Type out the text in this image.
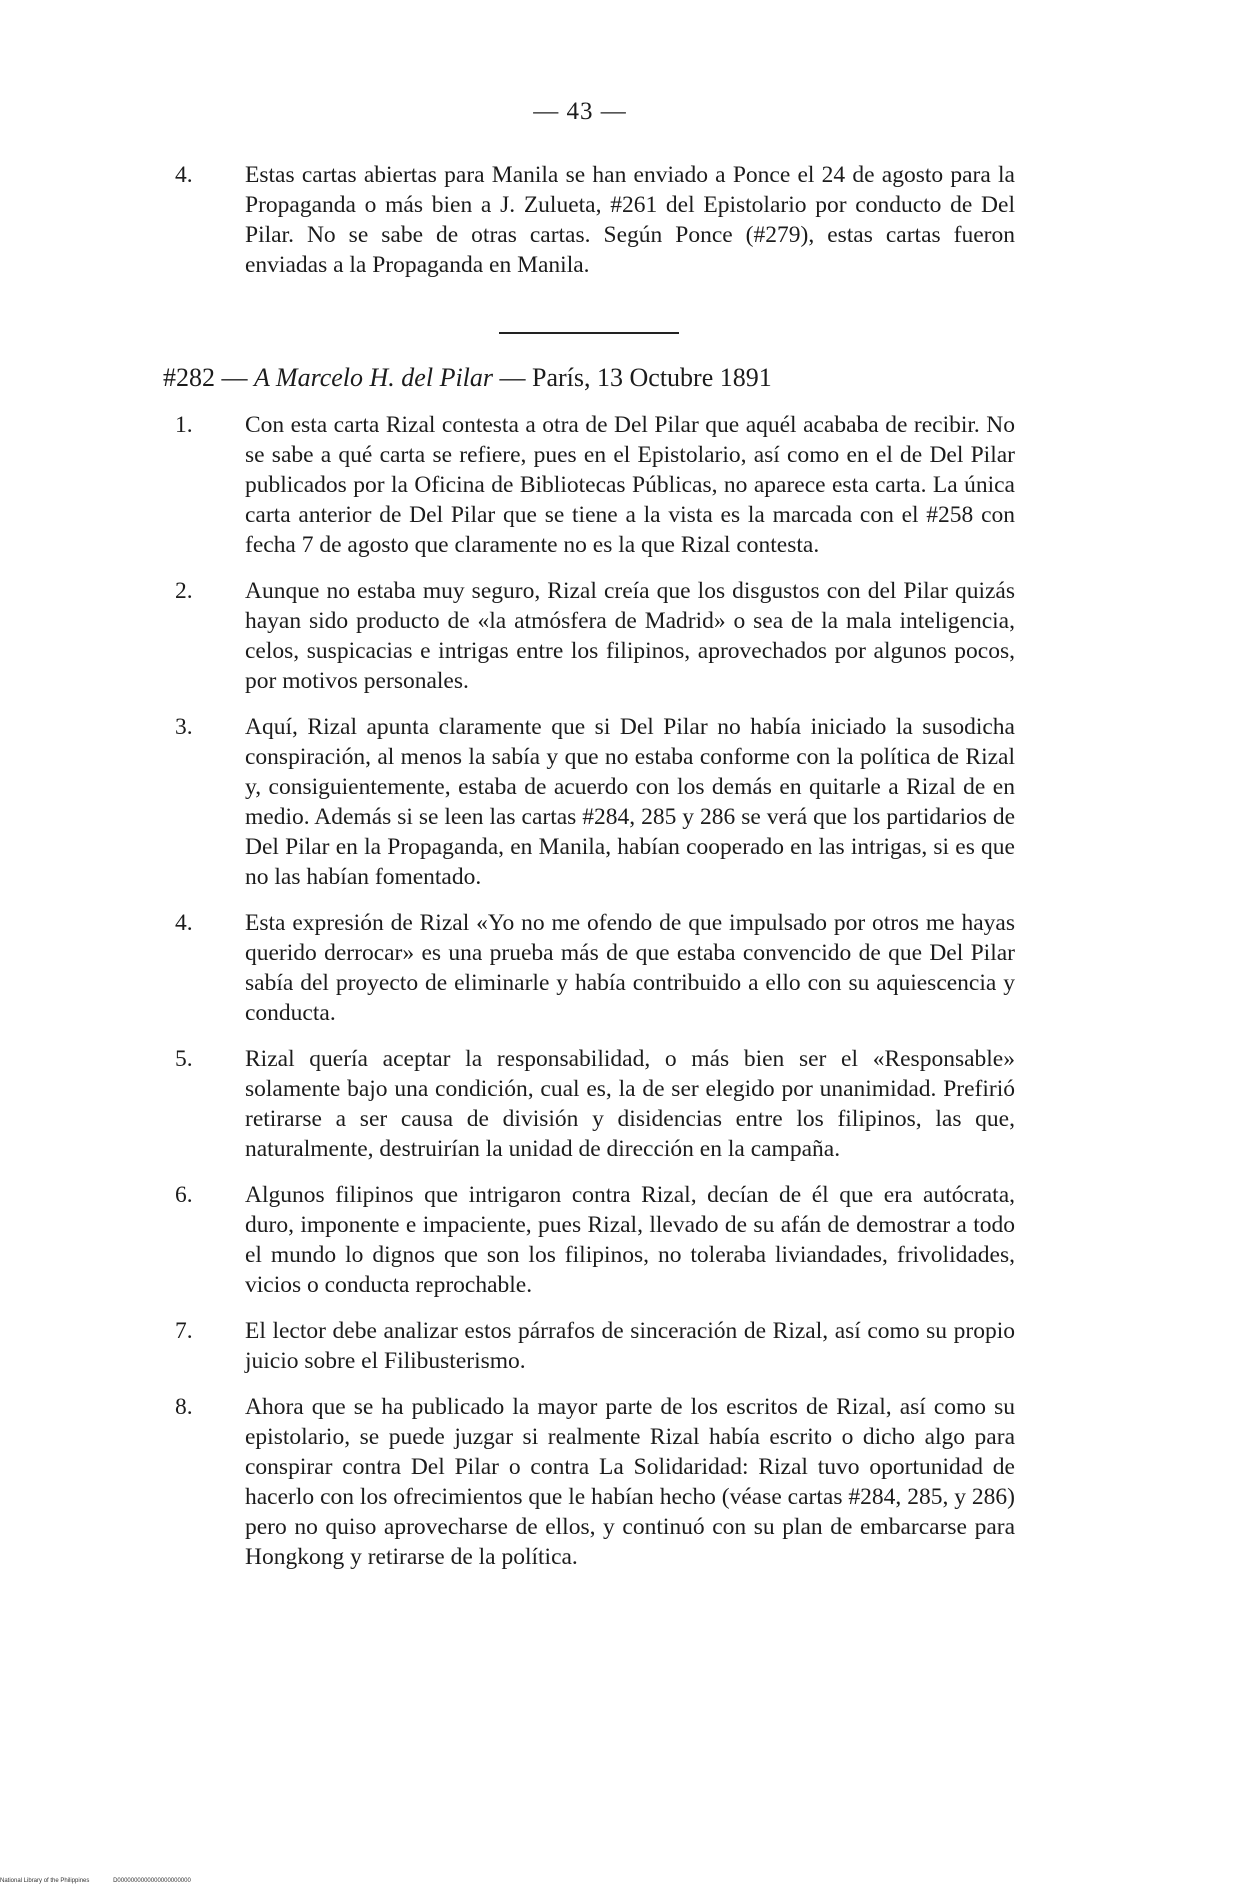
— 43 —

4. Estas cartas abiertas para Manila se han enviado a Ponce el 24 de agosto para la Propaganda o más bien a J. Zulueta, #261 del Epistolario por conducto de Del Pilar. No se sabe de otras cartas. Según Ponce (#279), estas cartas fueron enviadas a la Propaganda en Manila.

#282 — A Marcelo H. del Pilar — París, 13 Octubre 1891

1. Con esta carta Rizal contesta a otra de Del Pilar que aquél acababa de recibir. No se sabe a qué carta se refiere, pues en el Epistolario, así como en el de Del Pilar publicados por la Oficina de Bibliotecas Públicas, no aparece esta carta. La única carta anterior de Del Pilar que se tiene a la vista es la marcada con el #258 con fecha 7 de agosto que claramente no es la que Rizal contesta.

2. Aunque no estaba muy seguro, Rizal creía que los disgustos con del Pilar quizás hayan sido producto de «la atmósfera de Madrid» o sea de la mala inteligencia, celos, suspicacias e intrigas entre los filipinos, aprovechados por algunos pocos, por motivos personales.

3. Aquí, Rizal apunta claramente que si Del Pilar no había iniciado la susodicha conspiración, al menos la sabía y que no estaba conforme con la política de Rizal y, consiguientemente, estaba de acuerdo con los demás en quitarle a Rizal de en medio. Además si se leen las cartas #284, 285 y 286 se verá que los partidarios de Del Pilar en la Propaganda, en Manila, habían cooperado en las intrigas, si es que no las habían fomentado.

4. Esta expresión de Rizal «Yo no me ofendo de que impulsado por otros me hayas querido derrocar» es una prueba más de que estaba convencido de que Del Pilar sabía del proyecto de eliminarle y había contribuido a ello con su aquiescencia y conducta.

5. Rizal quería aceptar la responsabilidad, o más bien ser el «Responsable» solamente bajo una condición, cual es, la de ser elegido por unanimidad. Prefirió retirarse a ser causa de división y disidencias entre los filipinos, las que, naturalmente, destruirían la unidad de dirección en la campaña.

6. Algunos filipinos que intrigaron contra Rizal, decían de él que era autócrata, duro, imponente e impaciente, pues Rizal, llevado de su afán de demostrar a todo el mundo lo dignos que son los filipinos, no toleraba liviandades, frivolidades, vicios o conducta reprochable.

7. El lector debe analizar estos párrafos de sinceración de Rizal, así como su propio juicio sobre el Filibusterismo.

8. Ahora que se ha publicado la mayor parte de los escritos de Rizal, así como su epistolario, se puede juzgar si realmente Rizal había escrito o dicho algo para conspirar contra Del Pilar o contra La Solidaridad: Rizal tuvo oportunidad de hacerlo con los ofrecimientos que le habían hecho (véase cartas #284, 285, y 286) pero no quiso aprovecharse de ellos, y continuó con su plan de embarcarse para Hongkong y retirarse de la política.

National Library of the Philippines	D0000000000000000000000
